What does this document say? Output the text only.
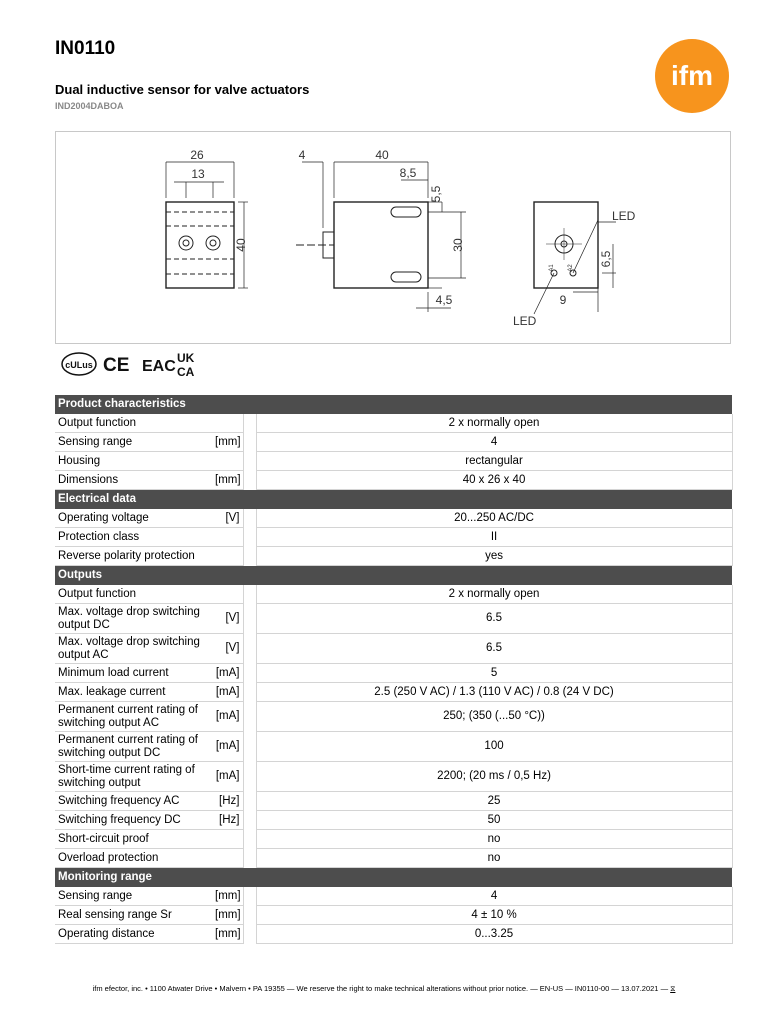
IN0110
Dual inductive sensor for valve actuators
IND2004DABOA
ifm
26
13
40
40
4
8,5
5,5
30
4,5
LED
LED
6,5
9
A1 A2
cULus CE EAC UK
CA
Product characteristics			
Output function			2 x normally open
Sensing range	[mm]		4
Housing			rectangular
Dimensions	[mm]		40 x 26 x 40
Electrical data			
Operating voltage	[V]		20...250 AC/DC
Protection class			II
Reverse polarity protection			yes
Outputs			
Output function			2 x normally open
Max. voltage drop switching output DC	[V]		6.5
Max. voltage drop switching output AC	[V]		6.5
Minimum load current	[mA]		5
Max. leakage current	[mA]		2.5 (250 V AC) / 1.3 (110 V AC) / 0.8 (24 V DC)
Permanent current rating of switching output AC	[mA]		250; (350 (...50 °C))
Permanent current rating of switching output DC	[mA]		100
Short-time current rating of switching output	[mA]		2200; (20 ms / 0,5 Hz)
Switching frequency AC	[Hz]		25
Switching frequency DC	[Hz]		50
Short-circuit proof			no
Overload protection			no
Monitoring range			
Sensing range	[mm]		4
Real sensing range Sr	[mm]		4 ± 10 %
Operating distance	[mm]		0...3.25
ifm efector, inc. • 1100 Atwater Drive • Malvern • PA 19355 — We reserve the right to make technical alterations without prior notice. — EN-US — IN0110-00 — 13.07.2021 — ⧖
